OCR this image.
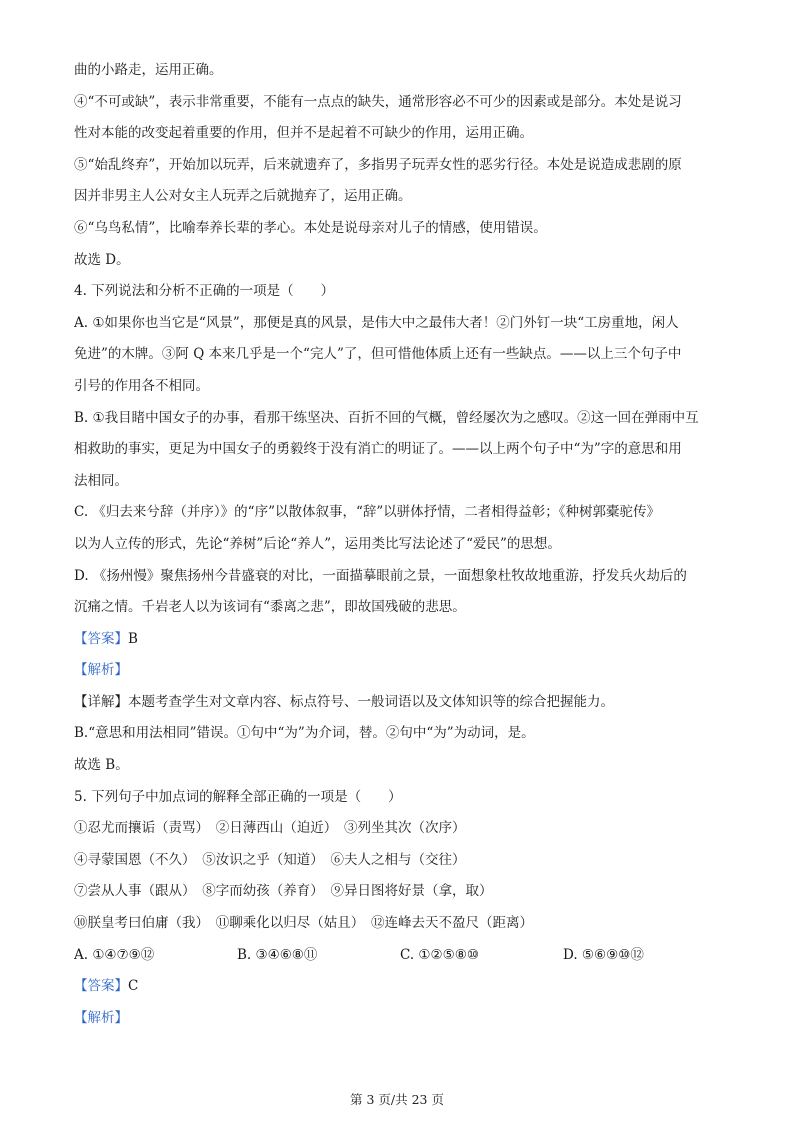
曲的小路走，运用正确。
④“不可或缺”，表示非常重要，不能有一点点的缺失，通常形容必不可少的因素或是部分。本处是说习
性对本能的改变起着重要的作用，但并不是起着不可缺少的作用，运用正确。
⑤“始乱终弃”，开始加以玩弄，后来就遗弃了，多指男子玩弄女性的恶劣行径。本处是说造成悲剧的原
因并非男主人公对女主人玩弄之后就抛弃了，运用正确。
⑥“乌鸟私情”，比喻奉养长辈的孝心。本处是说母亲对儿子的情感，使用错误。
故选 D。
4. 下列说法和分析不正确的一项是（　　）
A. ①如果你也当它是“风景”，那便是真的风景，是伟大中之最伟大者！②门外钉一块“工房重地，闲人
免进”的木牌。③阿 Q 本来几乎是一个“完人”了，但可惜他体质上还有一些缺点。——以上三个句子中
引号的作用各不相同。
B. ①我目睹中国女子的办事，看那干练坚决、百折不回的气概，曾经屡次为之感叹。②这一回在弹雨中互
相救助的事实，更足为中国女子的勇毅终于没有消亡的明证了。——以上两个句子中“为”字的意思和用
法相同。
C. 《归去来兮辞（并序）》的“序”以散体叙事，“辞”以骈体抒情，二者相得益彰；《种树郭橐驼传》
以为人立传的形式，先论“养树”后论“养人”，运用类比写法论述了“爱民”的思想。
D. 《扬州慢》聚焦扬州今昔盛衰的对比，一面描摹眼前之景，一面想象杜牧故地重游，抒发兵火劫后的
沉痛之情。千岩老人以为该词有“黍离之悲”，即故国残破的悲思。
【答案】B
【解析】
【详解】本题考查学生对文章内容、标点符号、一般词语以及文体知识等的综合把握能力。
B.“意思和用法相同”错误。①句中“为”为介词，替。②句中“为”为动词，是。
故选 B。
5. 下列句子中加点词的解释全部正确的一项是（　　）
①忍尤而攘诟（责骂）　②日薄西山（迫近）　③列坐其次（次序）
④寻蒙国恩（不久）　⑤汝识之乎（知道）　⑥夫人之相与（交往）
⑦尝从人事（跟从）　⑧字而幼孩（养育）　⑨异日图将好景（拿，取）
⑩朕皇考曰伯庸（我）　⑪聊乘化以归尽（姑且）　⑫连峰去天不盈尺（距离）
A. ①④⑦⑨⑫	B. ③④⑥⑧⑪	C. ①②⑤⑧⑩	D. ⑤⑥⑨⑩⑫
【答案】C
【解析】
第 3 页/共 23 页
